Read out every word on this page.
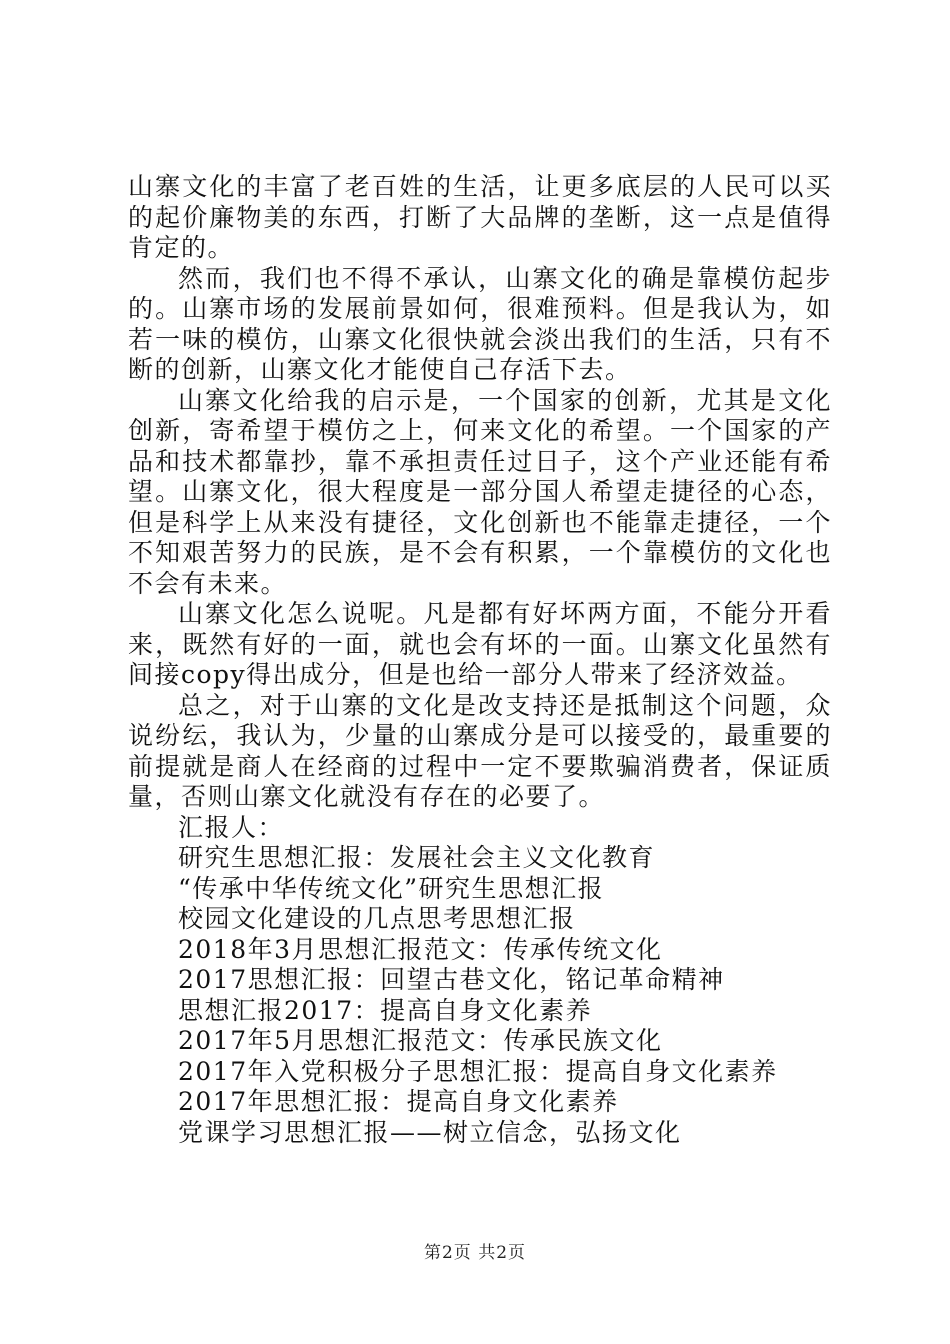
山寨文化的丰富了老百姓的生活，让更多底层的人民可以买的起价廉物美的东西，打断了大品牌的垄断，这一点是值得肯定的。

然而，我们也不得不承认，山寨文化的确是靠模仿起步的。山寨市场的发展前景如何，很难预料。但是我认为，如若一味的模仿，山寨文化很快就会淡出我们的生活，只有不断的创新，山寨文化才能使自己存活下去。

山寨文化给我的启示是，一个国家的创新，尤其是文化创新，寄希望于模仿之上，何来文化的希望。一个国家的产品和技术都靠抄，靠不承担责任过日子，这个产业还能有希望。山寨文化，很大程度是一部分国人希望走捷径的心态，但是科学上从来没有捷径，文化创新也不能靠走捷径，一个不知艰苦努力的民族，是不会有积累，一个靠模仿的文化也不会有未来。

山寨文化怎么说呢。凡是都有好坏两方面，不能分开看来，既然有好的一面，就也会有坏的一面。山寨文化虽然有间接copy得出成分，但是也给一部分人带来了经济效益。

总之，对于山寨的文化是改支持还是抵制这个问题，众说纷纭，我认为，少量的山寨成分是可以接受的，最重要的前提就是商人在经商的过程中一定不要欺骗消费者，保证质量，否则山寨文化就没有存在的必要了。

汇报人：
研究生思想汇报：发展社会主义文化教育
“传承中华传统文化”研究生思想汇报
校园文化建设的几点思考思想汇报
2018年3月思想汇报范文：传承传统文化
2017思想汇报：回望古巷文化，铭记革命精神
思想汇报2017：提高自身文化素养
2017年5月思想汇报范文：传承民族文化
2017年入党积极分子思想汇报：提高自身文化素养
2017年思想汇报：提高自身文化素养
党课学习思想汇报——树立信念，弘扬文化
第2页 共2页
